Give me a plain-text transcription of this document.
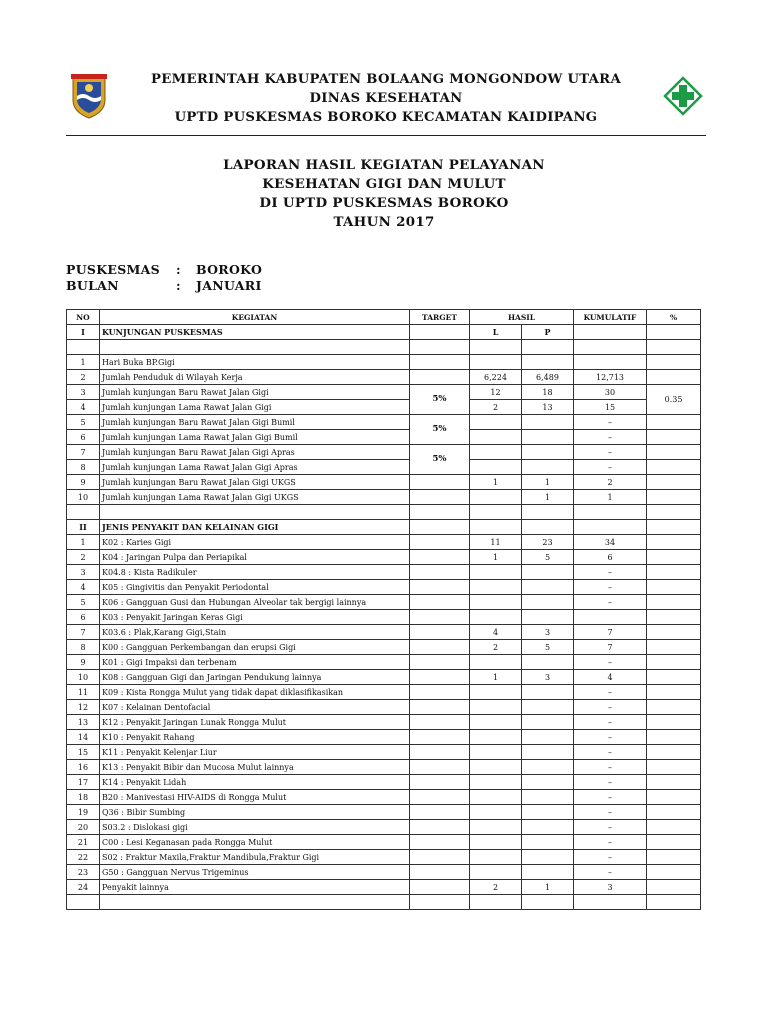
PEMERINTAH KABUPATEN BOLAANG MONGONDOW UTARA
DINAS KESEHATAN
UPTD PUSKESMAS BOROKO KECAMATAN KAIDIPANG
LAPORAN HASIL KEGIATAN PELAYANAN
KESEHATAN GIGI DAN MULUT
DI UPTD PUSKESMAS BOROKO
TAHUN 2017
PUSKESMAS	:	BOROKO
BULAN	:	JANUARI
NO	KEGIATAN	TARGET	HASIL		KUMULATIF	%
I	KUNJUNGAN PUSKESMAS		L	P		

1	Hari Buka BP.Gigi					
2	Jumlah Penduduk di Wilayah Kerja		6,224	6,489	12,713	
3	Jumlah kunjungan Baru Rawat Jalan Gigi	5%	12	18	30	0.35
4	Jumlah kunjungan Lama Rawat Jalan Gigi		2	13	15	
5	Jumlah kunjungan Baru Rawat Jalan Gigi Bumil	5%			–	
6	Jumlah kunjungan Lama Rawat Jalan Gigi Bumil				–	
7	Jumlah kunjungan Baru Rawat Jalan Gigi Apras	5%			–	
8	Jumlah kunjungan Lama Rawat Jalan Gigi Apras				–	
9	Jumlah kunjungan Baru Rawat Jalan Gigi UKGS		1	1	2	
10	Jumlah kunjungan Lama Rawat Jalan Gigi UKGS			1	1	

II	JENIS PENYAKIT DAN KELAINAN GIGI					
1	K02 : Karies Gigi		11	23	34	
2	K04 : Jaringan Pulpa dan Periapikal		1	5	6	
3	K04.8 : Kista Radikuler				–	
4	K05 : Gingivitis dan Penyakit Periodontal				–	
5	K06 : Gangguan Gusi dan Hubungan Alveolar tak bergigi lainnya				–	
6	K03 : Penyakit Jaringan Keras Gigi					
7	K03.6 : Plak,Karang Gigi,Stain		4	3	7	
8	K00 : Gangguan Perkembangan dan erupsi Gigi		2	5	7	
9	K01 : Gigi Impaksi dan terbenam				–	
10	K08 : Gangguan Gigi dan Jaringan Pendukung lainnya		1	3	4	
11	K09 : Kista Rongga Mulut yang tidak dapat diklasifikasikan				–	
12	K07 : Kelainan Dentofacial				–	
13	K12 : Penyakit Jaringan Lunak Rongga Mulut				–	
14	K10 : Penyakit Rahang				–	
15	K11 : Penyakit Kelenjar Liur				–	
16	K13 : Penyakit Bibir dan Mucosa Mulut lainnya				–	
17	K14 : Penyakit Lidah				–	
18	B20 : Manivestasi HIV-AIDS di Rongga Mulut				–	
19	Q36 : Bibir Sumbing				–	
20	S03.2 : Dislokasi gigi				–	
21	C00 : Lesi Keganasan pada Rongga Mulut				–	
22	S02 : Fraktur Maxila,Fraktur Mandibula,Fraktur Gigi				–	
23	G50 : Gangguan Nervus Trigeminus				–	
24	Penyakit lainnya		2	1	3	
